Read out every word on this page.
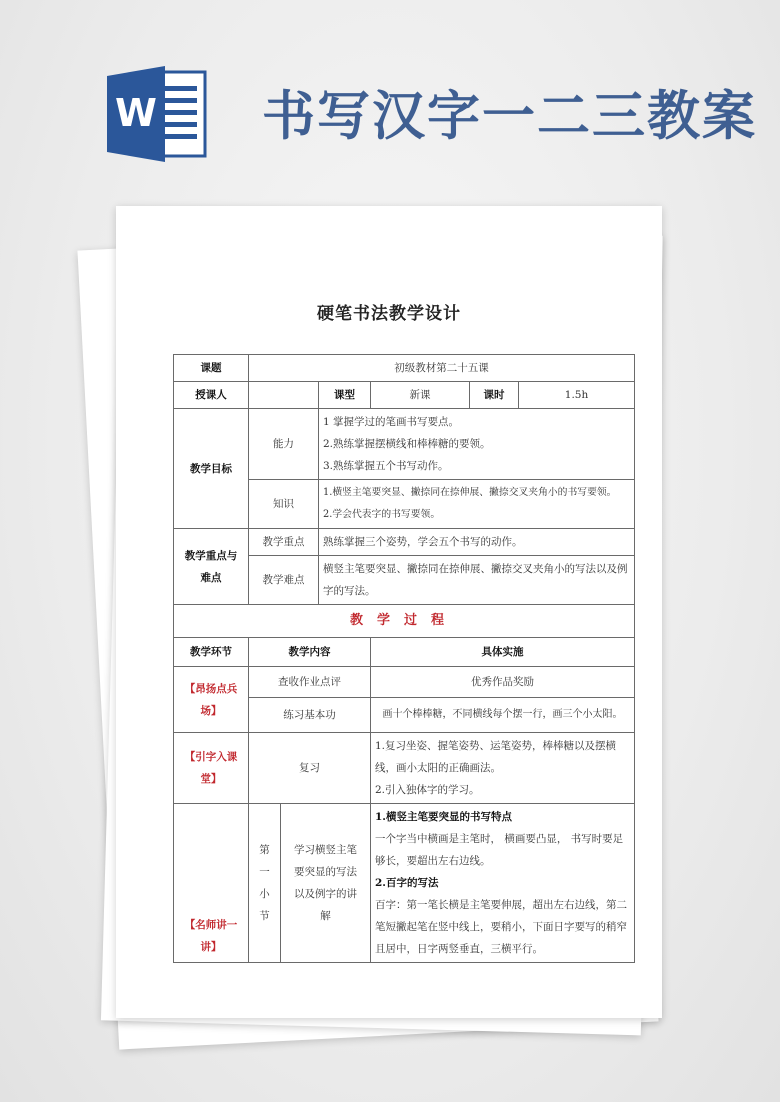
W 书写汉字一二三教案
硬笔书法教学设计
课题	初级教材第二十五课					
授课人			课型	新课	课时	1.5h
教学目标	能力		1 掌握学过的笔画书写要点。
2.熟练掌握摆横线和棒棒糖的要领。
3.熟练掌握五个书写动作。			

	知识		1.横竖主笔要突显、撇捺同在捺伸展、撇捺交叉夹角小的书写要领。
2.学会代表字的书写要领。			

教学重点与
难点	教学重点		熟练掌握三个姿势，学会五个书写的动作。			
	教学难点		横竖主笔要突显、撇捺同在捺伸展、撇捺交叉夹角小的写法以及例字的写法。			
教学过程						
教学环节	教学内容			具体实施		
【昂扬点兵场】	查收作业点评			优秀作品奖励		
	练习基本功			画十个棒棒糖，不同横线每个摆一行，画三个小太阳。		
【引字入课堂】	复习			1.复习坐姿、握笔姿势、运笔姿势，棒棒糖以及摆横线，画小太阳的正确画法。
2.引入独体字的学习。		

【名师讲一讲】	第一小节	学习横竖主笔要突显的写法以及例字的讲解		1.横竖主笔要突显的书写特点
一个字当中横画是主笔时， 横画要凸显， 书写时要足够长，要超出左右边线。
2.百字的写法
百字：第一笔长横是主笔要伸展，超出左右边线，第二笔短撇起笔在竖中线上，要稍小，下面日字要写的稍窄且居中，日字两竖垂直，三横平行。		
